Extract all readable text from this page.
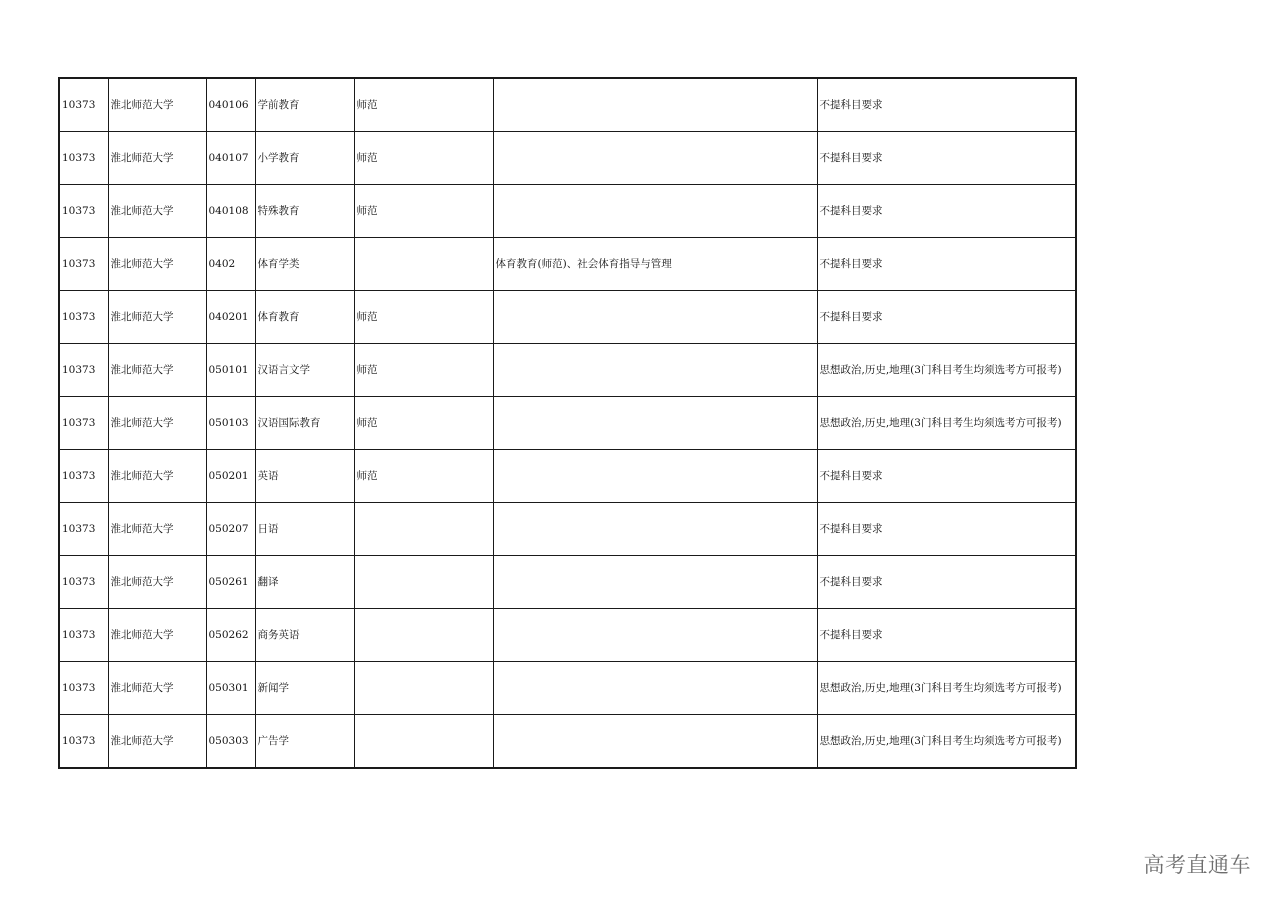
10373	淮北师范大学	040106	学前教育	师范		不提科目要求
10373	淮北师范大学	040107	小学教育	师范		不提科目要求
10373	淮北师范大学	040108	特殊教育	师范		不提科目要求
10373	淮北师范大学	0402	体育学类		体育教育(师范)、社会体育指导与管理	不提科目要求
10373	淮北师范大学	040201	体育教育	师范		不提科目要求
10373	淮北师范大学	050101	汉语言文学	师范		思想政治,历史,地理(3门科目考生均须选考方可报考)
10373	淮北师范大学	050103	汉语国际教育	师范		思想政治,历史,地理(3门科目考生均须选考方可报考)
10373	淮北师范大学	050201	英语	师范		不提科目要求
10373	淮北师范大学	050207	日语			不提科目要求
10373	淮北师范大学	050261	翻译			不提科目要求
10373	淮北师范大学	050262	商务英语			不提科目要求
10373	淮北师范大学	050301	新闻学			思想政治,历史,地理(3门科目考生均须选考方可报考)
10373	淮北师范大学	050303	广告学			思想政治,历史,地理(3门科目考生均须选考方可报考)
高考直通车
